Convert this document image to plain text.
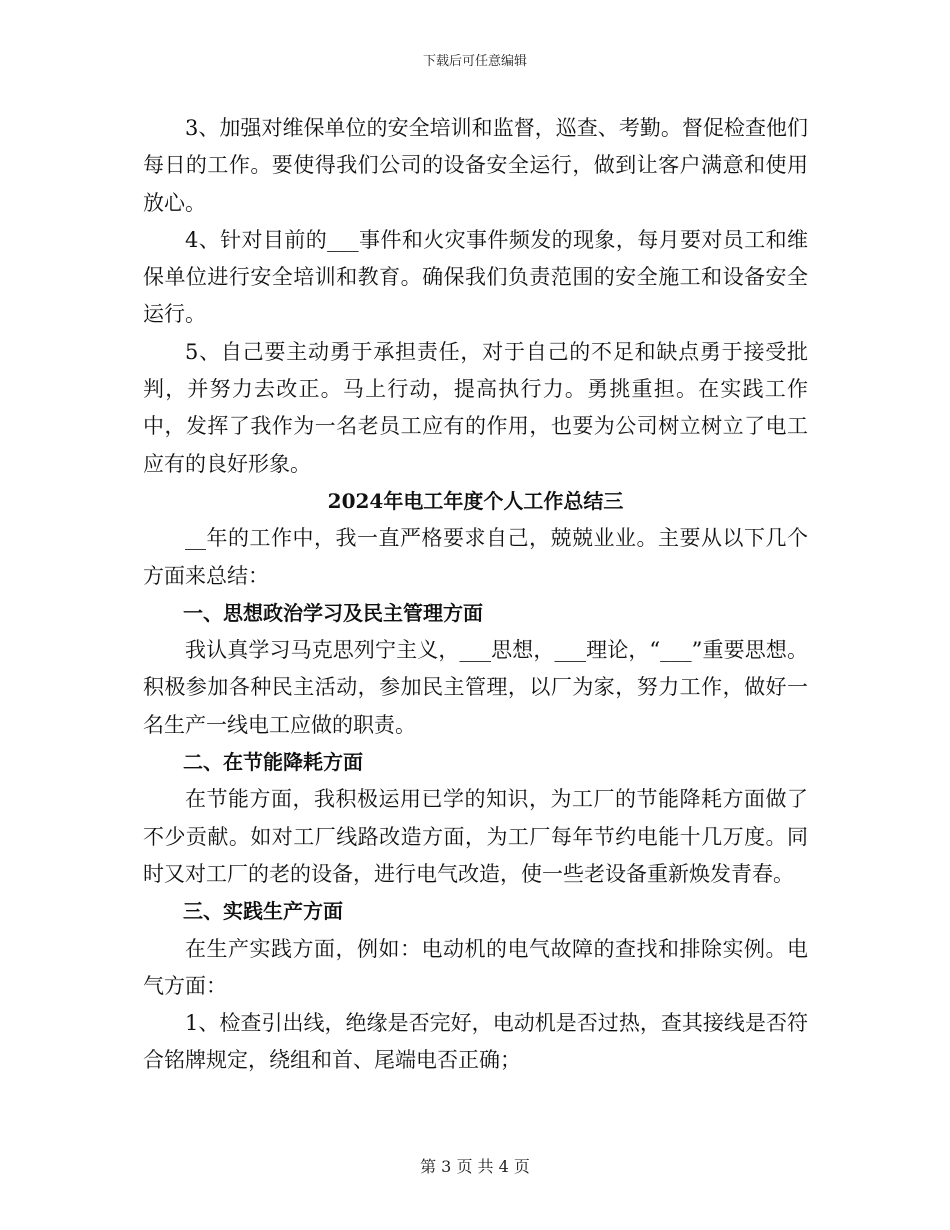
下载后可任意编辑

3、加强对维保单位的安全培训和监督，巡查、考勤。督促检查他们每日的工作。要使得我们公司的设备安全运行，做到让客户满意和使用放心。

4、针对目前的___事件和火灾事件频发的现象，每月要对员工和维保单位进行安全培训和教育。确保我们负责范围的安全施工和设备安全运行。

5、自己要主动勇于承担责任，对于自己的不足和缺点勇于接受批判，并努力去改正。马上行动，提高执行力。勇挑重担。在实践工作中，发挥了我作为一名老员工应有的作用，也要为公司树立树立了电工应有的良好形象。

2024年电工年度个人工作总结三

__年的工作中，我一直严格要求自己，兢兢业业。主要从以下几个方面来总结：

一、思想政治学习及民主管理方面

我认真学习马克思列宁主义，___思想，___理论，“___”重要思想。积极参加各种民主活动，参加民主管理，以厂为家，努力工作，做好一名生产一线电工应做的职责。

二、在节能降耗方面

在节能方面，我积极运用已学的知识，为工厂的节能降耗方面做了不少贡献。如对工厂线路改造方面，为工厂每年节约电能十几万度。同时又对工厂的老的设备，进行电气改造，使一些老设备重新焕发青春。

三、实践生产方面

在生产实践方面，例如：电动机的电气故障的查找和排除实例。电气方面：

1、检查引出线，绝缘是否完好，电动机是否过热，查其接线是否符合铭牌规定，绕组和首、尾端电否正确；

第 3 页 共 4 页
